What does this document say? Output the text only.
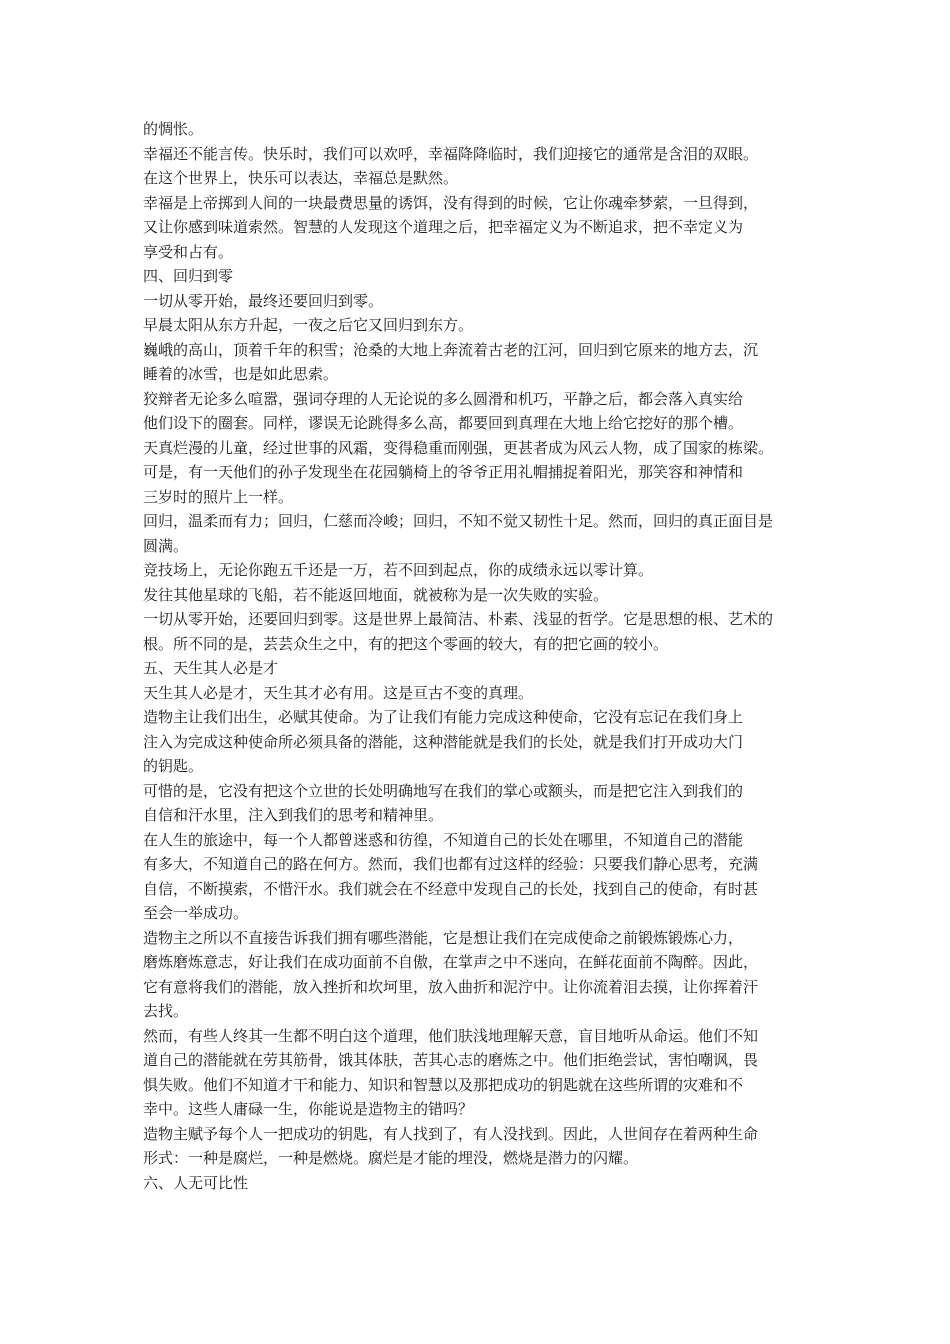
的惆怅。
幸福还不能言传。快乐时，我们可以欢呼，幸福降降临时，我们迎接它的通常是含泪的双眼。
在这个世界上，快乐可以表达，幸福总是默然。
幸福是上帝掷到人间的一块最费思量的诱饵，没有得到的时候，它让你魂牵梦萦，一旦得到，
又让你感到味道索然。智慧的人发现这个道理之后，把幸福定义为不断追求，把不幸定义为
享受和占有。
四、回归到零
一切从零开始，最终还要回归到零。
早晨太阳从东方升起，一夜之后它又回归到东方。
巍峨的高山，顶着千年的积雪；沧桑的大地上奔流着古老的江河，回归到它原来的地方去，沉
睡着的冰雪，也是如此思索。
狡辩者无论多么喧嚣，强词夺理的人无论说的多么圆滑和机巧，平静之后，都会落入真实给
他们设下的圈套。同样，谬误无论跳得多么高，都要回到真理在大地上给它挖好的那个槽。
天真烂漫的儿童，经过世事的风霜，变得稳重而刚强，更甚者成为风云人物，成了国家的栋梁。
可是，有一天他们的孙子发现坐在花园躺椅上的爷爷正用礼帽捕捉着阳光，那笑容和神情和
三岁时的照片上一样。
回归，温柔而有力；回归，仁慈而冷峻；回归，不知不觉又韧性十足。然而，回归的真正面目是
圆满。
竞技场上，无论你跑五千还是一万，若不回到起点，你的成绩永远以零计算。
发往其他星球的飞船，若不能返回地面，就被称为是一次失败的实验。
一切从零开始，还要回归到零。这是世界上最简洁、朴素、浅显的哲学。它是思想的根、艺术的
根。所不同的是，芸芸众生之中，有的把这个零画的较大，有的把它画的较小。
五、天生其人必是才
天生其人必是才，天生其才必有用。这是亘古不变的真理。
造物主让我们出生，必赋其使命。为了让我们有能力完成这种使命，它没有忘记在我们身上
注入为完成这种使命所必须具备的潜能，这种潜能就是我们的长处，就是我们打开成功大门
的钥匙。
可惜的是，它没有把这个立世的长处明确地写在我们的掌心或额头，而是把它注入到我们的
自信和汗水里，注入到我们的思考和精神里。
在人生的旅途中，每一个人都曾迷惑和彷徨，不知道自己的长处在哪里，不知道自己的潜能
有多大，不知道自己的路在何方。然而，我们也都有过这样的经验：只要我们静心思考，充满
自信，不断摸索，不惜汗水。我们就会在不经意中发现自己的长处，找到自己的使命，有时甚
至会一举成功。
造物主之所以不直接告诉我们拥有哪些潜能，它是想让我们在完成使命之前锻炼锻炼心力，
磨炼磨炼意志，好让我们在成功面前不自傲，在掌声之中不迷向，在鲜花面前不陶醉。因此，
它有意将我们的潜能，放入挫折和坎坷里，放入曲折和泥泞中。让你流着泪去摸，让你挥着汗
去找。
然而，有些人终其一生都不明白这个道理，他们肤浅地理解天意，盲目地听从命运。他们不知
道自己的潜能就在劳其筋骨，饿其体肤，苦其心志的磨炼之中。他们拒绝尝试，害怕嘲讽，畏
惧失败。他们不知道才干和能力、知识和智慧以及那把成功的钥匙就在这些所谓的灾难和不
幸中。这些人庸碌一生，你能说是造物主的错吗？
造物主赋予每个人一把成功的钥匙，有人找到了，有人没找到。因此，人世间存在着两种生命
形式：一种是腐烂，一种是燃烧。腐烂是才能的埋没，燃烧是潜力的闪耀。
六、人无可比性
